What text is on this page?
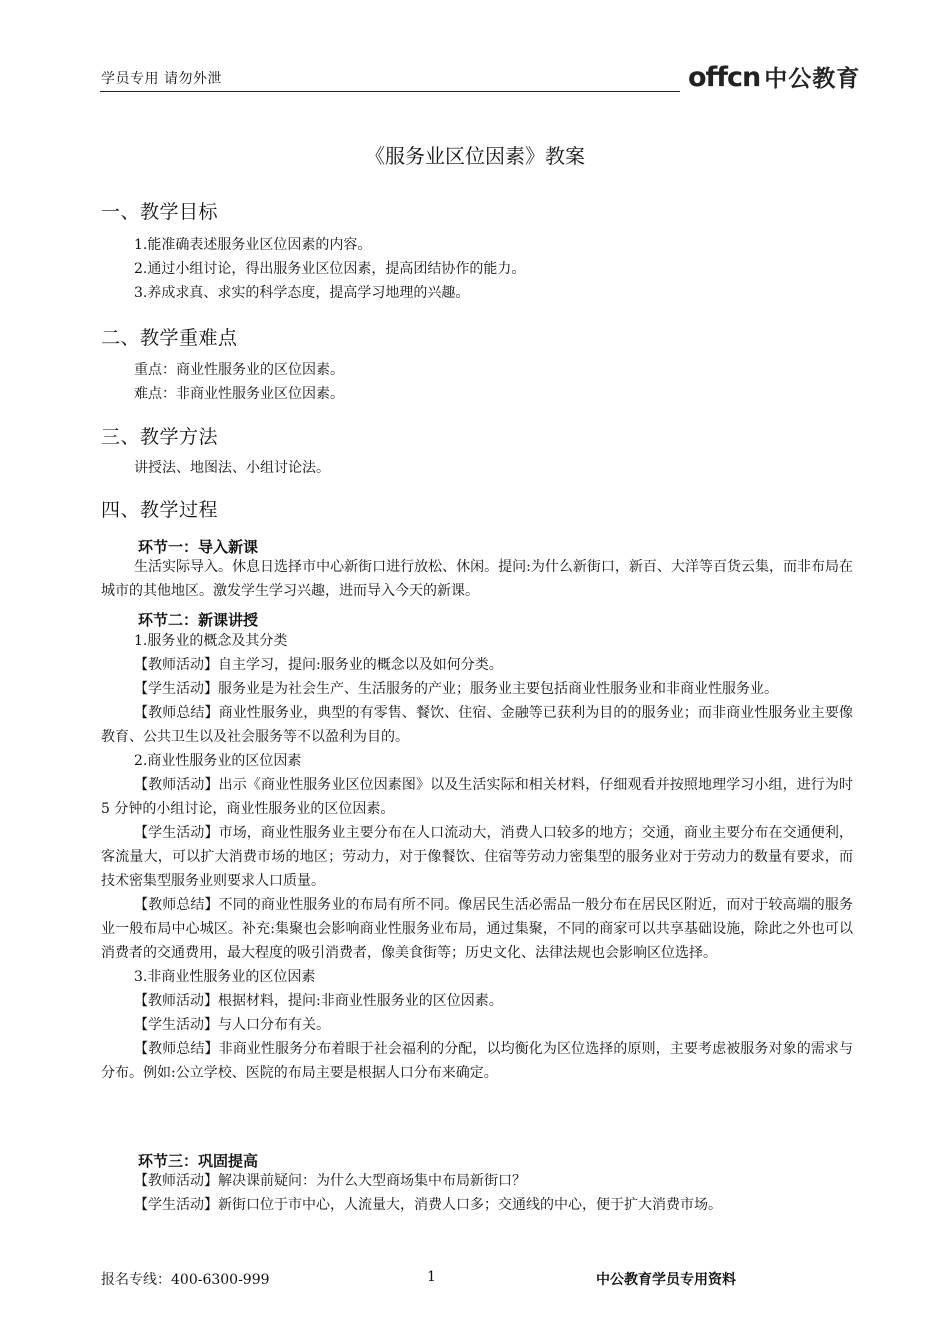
学员专用 请勿外泄	offcn 中公教育
《服务业区位因素》教案
一、教学目标

1.能准确表述服务业区位因素的内容。

2.通过小组讨论，得出服务业区位因素，提高团结协作的能力。

3.养成求真、求实的科学态度，提高学习地理的兴趣。

二、教学重难点

重点：商业性服务业的区位因素。

难点：非商业性服务业区位因素。

三、教学方法

讲授法、地图法、小组讨论法。

四、教学过程
环节一：导入新课

生活实际导入。休息日选择市中心新街口进行放松、休闲。提问:为什么新街口，新百、大洋等百货云集，而非布局在城市的其他地区。激发学生学习兴趣，进而导入今天的新课。

环节二：新课讲授

1.服务业的概念及其分类

【教师活动】自主学习，提问:服务业的概念以及如何分类。

【学生活动】服务业是为社会生产、生活服务的产业；服务业主要包括商业性服务业和非商业性服务业。

【教师总结】商业性服务业，典型的有零售、餐饮、住宿、金融等已获利为目的的服务业；而非商业性服务业主要像教育、公共卫生以及社会服务等不以盈利为目的。

2.商业性服务业的区位因素

【教师活动】出示《商业性服务业区位因素图》以及生活实际和相关材料，仔细观看并按照地理学习小组，进行为时 5 分钟的小组讨论，商业性服务业的区位因素。

【学生活动】市场，商业性服务业主要分布在人口流动大，消费人口较多的地方；交通，商业主要分布在交通便利，客流量大，可以扩大消费市场的地区；劳动力，对于像餐饮、住宿等劳动力密集型的服务业对于劳动力的数量有要求，而技术密集型服务业则要求人口质量。

【教师总结】不同的商业性服务业的布局有所不同。像居民生活必需品一般分布在居民区附近，而对于较高端的服务业一般布局中心城区。补充:集聚也会影响商业性服务业布局，通过集聚，不同的商家可以共享基础设施，除此之外也可以消费者的交通费用，最大程度的吸引消费者，像美食街等；历史文化、法律法规也会影响区位选择。

3.非商业性服务业的区位因素

【教师活动】根据材料，提问:非商业性服务业的区位因素。

【学生活动】与人口分布有关。

【教师总结】非商业性服务分布着眼于社会福利的分配，以均衡化为区位选择的原则，主要考虑被服务对象的需求与分布。例如:公立学校、医院的布局主要是根据人口分布来确定。

环节三：巩固提高

【教师活动】解决课前疑问：为什么大型商场集中布局新街口？

【学生活动】新街口位于市中心，人流量大，消费人口多；交通线的中心，便于扩大消费市场。

报名专线：400-6300-999	1	中公教育学员专用资料
